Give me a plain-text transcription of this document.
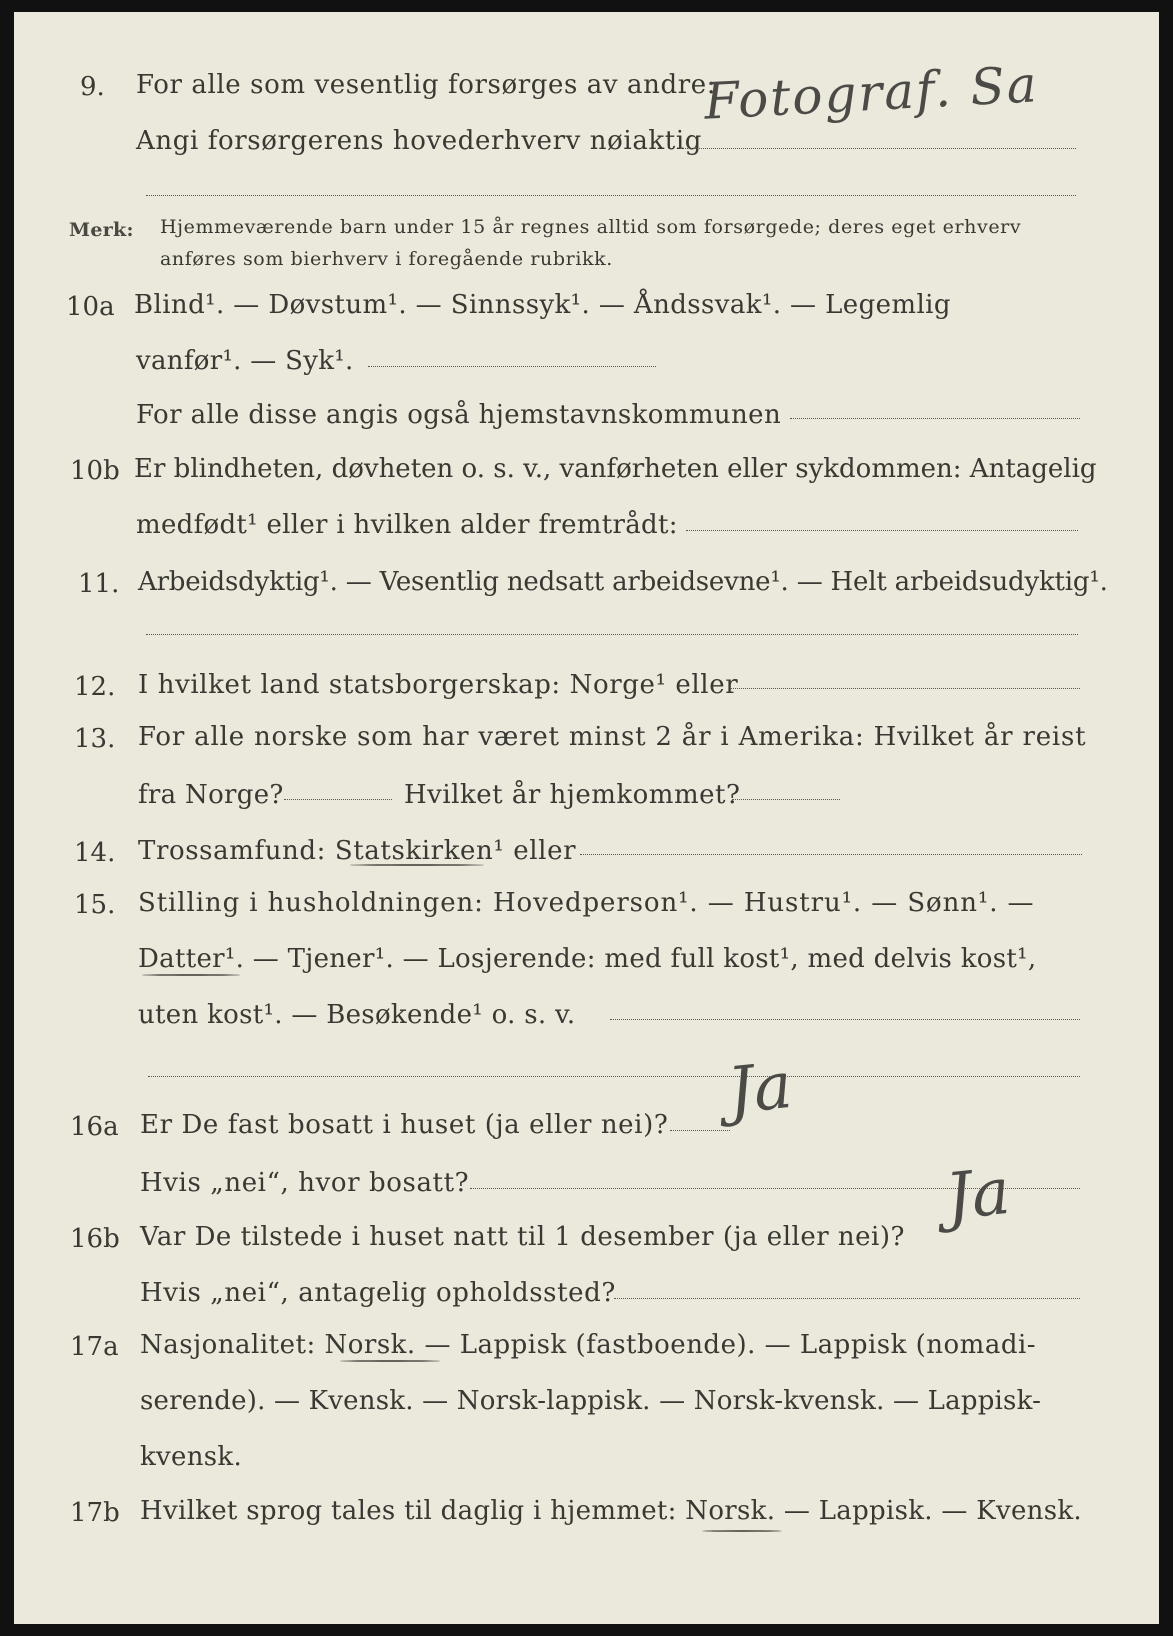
9. For alle som vesentlig forsørges av andre:
Angi forsørgerens hovederhverv nøiaktig
Fotograf. Sa
Merk: Hjemmeværende barn under 15 år regnes alltid som forsørgede; deres eget erhverv
anføres som bierhverv i foregående rubrikk.
10a Blind¹. — Døvstum¹. — Sinnssyk¹. — Åndssvak¹. — Legemlig
vanfør¹. — Syk¹.
For alle disse angis også hjemstavnskommunen
10b Er blindheten, døvheten o. s. v., vanførheten eller sykdommen: Antagelig
medfødt¹ eller i hvilken alder fremtrådt:
11. Arbeidsdyktig¹. — Vesentlig nedsatt arbeidsevne¹. — Helt arbeidsudyktig¹.
12. I hvilket land statsborgerskap: Norge¹ eller
13. For alle norske som har været minst 2 år i Amerika: Hvilket år reist
fra Norge?	Hvilket år hjemkommet?
14. Trossamfund: Statskirken¹ eller
15. Stilling i husholdningen: Hovedperson¹. — Hustru¹. — Sønn¹. —
Datter¹. — Tjener¹. — Losjerende: med full kost¹, med delvis kost¹,
uten kost¹. — Besøkende¹ o. s. v.
16a Er De fast bosatt i huset (ja eller nei)? Ja
Hvis „nei“, hvor bosatt?
16b Var De tilstede i huset natt til 1 desember (ja eller nei)?
Ja
Hvis „nei“, antagelig opholdssted?
17a Nasjonalitet: Norsk. — Lappisk (fastboende). — Lappisk (nomadi-
serende). — Kvensk. — Norsk-lappisk. — Norsk-kvensk. — Lappisk-
kvensk.
17b Hvilket sprog tales til daglig i hjemmet: Norsk. — Lappisk. — Kvensk.
